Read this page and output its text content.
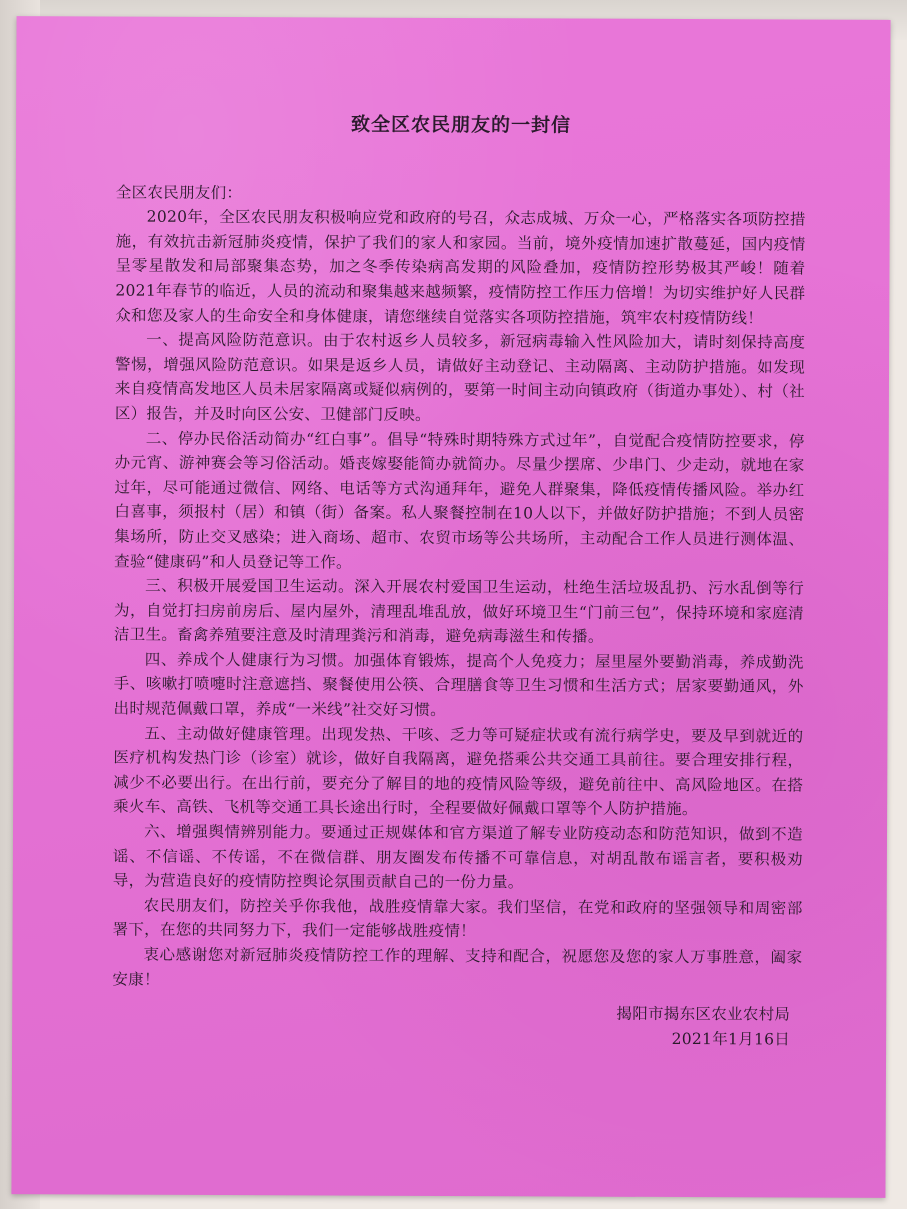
致全区农民朋友的一封信

全区农民朋友们：

2020年，全区农民朋友积极响应党和政府的号召，众志成城、万众一心，严格落实各项防控措施，有效抗击新冠肺炎疫情，保护了我们的家人和家园。当前，境外疫情加速扩散蔓延，国内疫情呈零星散发和局部聚集态势，加之冬季传染病高发期的风险叠加，疫情防控形势极其严峻！随着2021年春节的临近，人员的流动和聚集越来越频繁，疫情防控工作压力倍增！为切实维护好人民群众和您及家人的生命安全和身体健康，请您继续自觉落实各项防控措施，筑牢农村疫情防线！

一、提高风险防范意识。由于农村返乡人员较多，新冠病毒输入性风险加大，请时刻保持高度警惕，增强风险防范意识。如果是返乡人员，请做好主动登记、主动隔离、主动防护措施。如发现来自疫情高发地区人员未居家隔离或疑似病例的，要第一时间主动向镇政府（街道办事处）、村（社区）报告，并及时向区公安、卫健部门反映。

二、停办民俗活动简办“红白事”。倡导“特殊时期特殊方式过年”，自觉配合疫情防控要求，停办元宵、游神赛会等习俗活动。婚丧嫁娶能简办就简办。尽量少摆席、少串门、少走动，就地在家过年，尽可能通过微信、网络、电话等方式沟通拜年，避免人群聚集，降低疫情传播风险。举办红白喜事，须报村（居）和镇（街）备案。私人聚餐控制在10人以下，并做好防护措施；不到人员密集场所，防止交叉感染；进入商场、超市、农贸市场等公共场所，主动配合工作人员进行测体温、查验“健康码”和人员登记等工作。

三、积极开展爱国卫生运动。深入开展农村爱国卫生运动，杜绝生活垃圾乱扔、污水乱倒等行为，自觉打扫房前房后、屋内屋外，清理乱堆乱放，做好环境卫生“门前三包”，保持环境和家庭清洁卫生。畜禽养殖要注意及时清理粪污和消毒，避免病毒滋生和传播。

四、养成个人健康行为习惯。加强体育锻炼，提高个人免疫力；屋里屋外要勤消毒，养成勤洗手、咳嗽打喷嚏时注意遮挡、聚餐使用公筷、合理膳食等卫生习惯和生活方式；居家要勤通风，外出时规范佩戴口罩，养成“一米线”社交好习惯。

五、主动做好健康管理。出现发热、干咳、乏力等可疑症状或有流行病学史，要及早到就近的医疗机构发热门诊（诊室）就诊，做好自我隔离，避免搭乘公共交通工具前往。要合理安排行程，减少不必要出行。在出行前，要充分了解目的地的疫情风险等级，避免前往中、高风险地区。在搭乘火车、高铁、飞机等交通工具长途出行时，全程要做好佩戴口罩等个人防护措施。

六、增强舆情辨别能力。要通过正规媒体和官方渠道了解专业防疫动态和防范知识，做到不造谣、不信谣、不传谣，不在微信群、朋友圈发布传播不可靠信息，对胡乱散布谣言者，要积极劝导，为营造良好的疫情防控舆论氛围贡献自己的一份力量。

农民朋友们，防控关乎你我他，战胜疫情靠大家。我们坚信，在党和政府的坚强领导和周密部署下，在您的共同努力下，我们一定能够战胜疫情！

衷心感谢您对新冠肺炎疫情防控工作的理解、支持和配合，祝愿您及您的家人万事胜意，阖家安康！

揭阳市揭东区农业农村局
2021年1月16日
